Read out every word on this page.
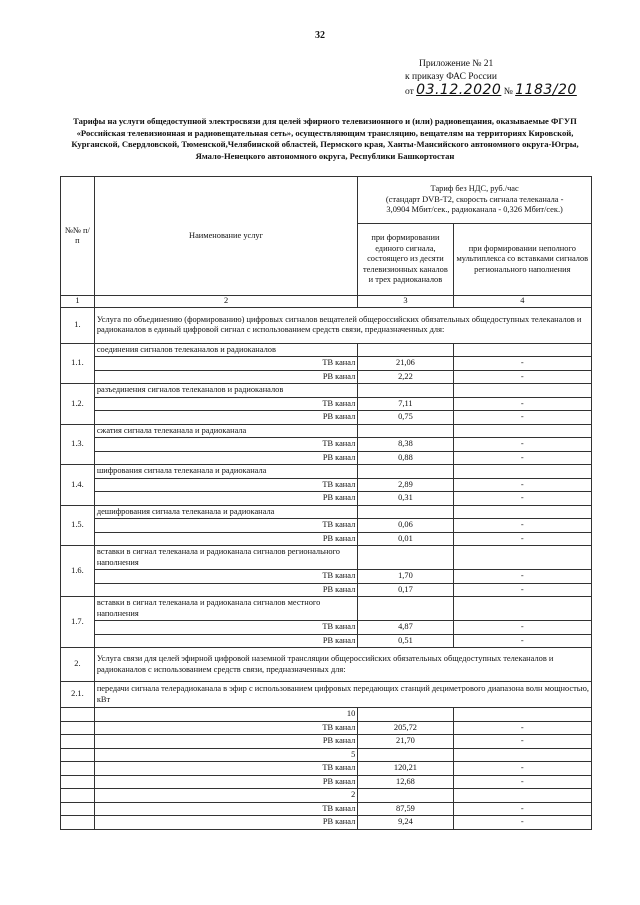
32
Приложение № 21
к приказу ФАС России
от 03.12.2020 № 1183/20
Тарифы на услуги общедоступной электросвязи для целей эфирного телевизионного и (или) радиовещания, оказываемые ФГУП «Российская телевизионная и радиовещательная сеть», осуществляющим трансляцию, вещателям на территориях Кировской, Курганской, Свердловской, Тюменской,Челябинской областей, Пермского края, Ханты-Мансийского автономного округа-Югры, Ямало-Ненецкого автономного округа, Республики Башкортостан
№№ п/п	Наименование услуг	Тариф без НДС, руб./час
(стандарт DVB-T2, скорость сигнала телеканала -
3,0904 Мбит/сек., радиоканала - 0,326 Мбит/сек.)	

		при формировании единого сигнала, состоящего из десяти телевизионных каналов и трех радиоканалов	при формировании неполного мультиплекса со вставками сигналов регионального наполнения
1	2	3	4
1.	Услуга по объединению (формированию) цифровых сигналов вещателей общероссийских обязательных общедоступных телеканалов и радиоканалов в единый цифровой сигнал с использованием средств связи, предназначенных для:		
1.1.	соединения сигналов телеканалов и радиоканалов		
	ТВ канал	21,06	-
	РВ канал	2,22	-
1.2.	разъединения сигналов телеканалов и радиоканалов		
	ТВ канал	7,11	-
	РВ канал	0,75	-
1.3.	сжатия сигнала телеканала и радиоканала		
	ТВ канал	8,38	-
	РВ канал	0,88	-
1.4.	шифрования сигнала телеканала и радиоканала		
	ТВ канал	2,89	-
	РВ канал	0,31	-
1.5.	дешифрования сигнала телеканала и радиоканала		
	ТВ канал	0,06	-
	РВ канал	0,01	-
1.6.	вставки в сигнал телеканала и радиоканала сигналов регионального наполнения		
	ТВ канал	1,70	-
	РВ канал	0,17	-
1.7.	вставки в сигнал телеканала и радиоканала сигналов местного наполнения		
	ТВ канал	4,87	-
	РВ канал	0,51	-
2.	Услуга связи для целей эфирной цифровой наземной трансляции общероссийских обязательных общедоступных телеканалов и радиоканалов с использованием средств связи, предназначенных для:		
2.1.	передачи сигнала телерадиоканала в эфир с использованием цифровых передающих станций дециметрового диапазона волн мощностью, кВт		
	10		
	ТВ канал	205,72	-
	РВ канал	21,70	-
	5		
	ТВ канал	120,21	-
	РВ канал	12,68	-
	2		
	ТВ канал	87,59	-
	РВ канал	9,24	-
